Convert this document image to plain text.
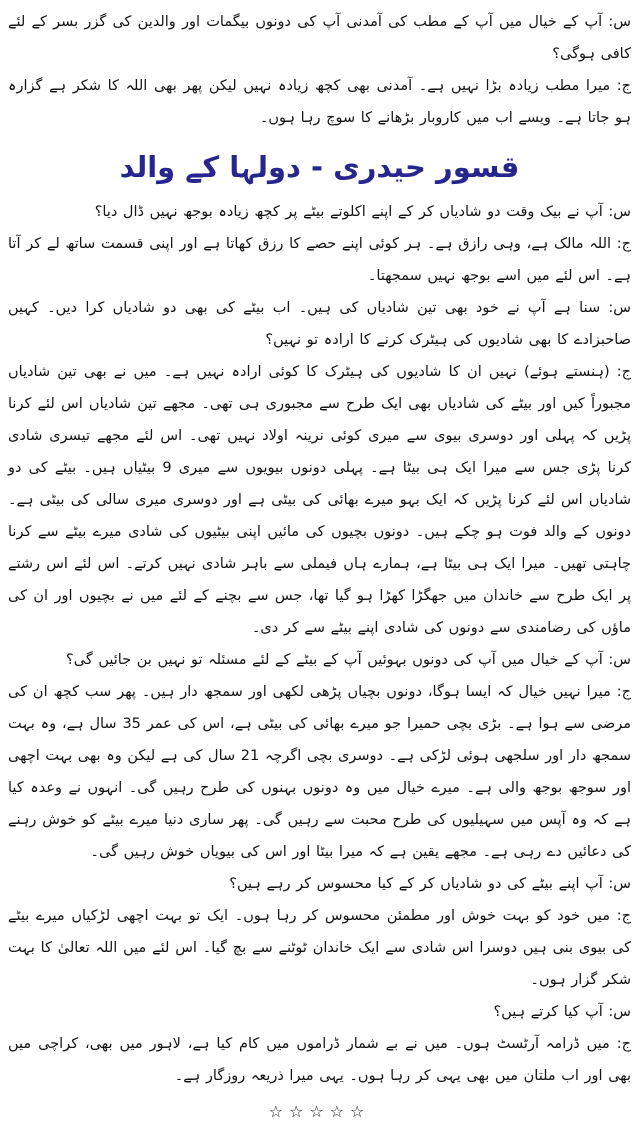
س: آپ کے خیال میں آپ کے مطب کی آمدنی آپ کی دونوں بیگمات اور والدین کی گزر بسر کے لئے کافی ہوگی؟

ج: میرا مطب زیادہ بڑا نہیں ہے۔ آمدنی بھی کچھ زیادہ نہیں لیکن پھر بھی اللہ کا شکر ہے گزارہ ہو جاتا ہے۔ ویسے اب میں کاروبار بڑھانے کا سوچ رہا ہوں۔

قسور حیدری - دولہا کے والد

س: آپ نے بیک وقت دو شادیاں کر کے اپنے اکلوتے بیٹے پر کچھ زیادہ بوجھ نہیں ڈال دیا؟

ج: اللہ مالک ہے، وہی رازق ہے۔ ہر کوئی اپنے حصے کا رزق کھاتا ہے اور اپنی قسمت ساتھ لے کر آتا ہے۔ اس لئے میں اسے بوجھ نہیں سمجھتا۔

س: سنا ہے آپ نے خود بھی تین شادیاں کی ہیں۔ اب بیٹے کی بھی دو شادیاں کرا دیں۔ کہیں صاحبزادے کا بھی شادیوں کی ہیٹرک کرنے کا ارادہ تو نہیں؟

ج: (ہنستے ہوئے) نہیں ان کا شادیوں کی ہیٹرک کا کوئی ارادہ نہیں ہے۔ میں نے بھی تین شادیاں مجبوراً کیں اور بیٹے کی شادیاں بھی ایک طرح سے مجبوری ہی تھی۔ مجھے تین شادیاں اس لئے کرنا پڑیں کہ پہلی اور دوسری بیوی سے میری کوئی نرینہ اولاد نہیں تھی۔ اس لئے مجھے تیسری شادی کرنا پڑی جس سے میرا ایک ہی بیٹا ہے۔ پہلی دونوں بیویوں سے میری 9 بیٹیاں ہیں۔ بیٹے کی دو شادیاں اس لئے کرنا پڑیں کہ ایک بہو میرے بھائی کی بیٹی ہے اور دوسری میری سالی کی بیٹی ہے۔ دونوں کے والد فوت ہو چکے ہیں۔ دونوں بچیوں کی مائیں اپنی بیٹیوں کی شادی میرے بیٹے سے کرنا چاہتی تھیں۔ میرا ایک ہی بیٹا ہے، ہمارے ہاں فیملی سے باہر شادی نہیں کرتے۔ اس لئے اس رشتے پر ایک طرح سے خاندان میں جھگڑا کھڑا ہو گیا تھا، جس سے بچنے کے لئے میں نے بچیوں اور ان کی ماؤں کی رضامندی سے دونوں کی شادی اپنے بیٹے سے کر دی۔

س: آپ کے خیال میں آپ کی دونوں بہوئیں آپ کے بیٹے کے لئے مسئلہ تو نہیں بن جائیں گی؟

ج: میرا نہیں خیال کہ ایسا ہوگا، دونوں بچیاں پڑھی لکھی اور سمجھ دار ہیں۔ پھر سب کچھ ان کی مرضی سے ہوا ہے۔ بڑی بچی حمیرا جو میرے بھائی کی بیٹی ہے، اس کی عمر 35 سال ہے، وہ بہت سمجھ دار اور سلجھی ہوئی لڑکی ہے۔ دوسری بچی اگرچہ 21 سال کی ہے لیکن وہ بھی بہت اچھی اور سوجھ بوجھ والی ہے۔ میرے خیال میں وہ دونوں بہنوں کی طرح رہیں گی۔ انہوں نے وعدہ کیا ہے کہ وہ آپس میں سہیلیوں کی طرح محبت سے رہیں گی۔ پھر ساری دنیا میرے بیٹے کو خوش رہنے کی دعائیں دے رہی ہے۔ مجھے یقین ہے کہ میرا بیٹا اور اس کی بیویاں خوش رہیں گی۔

س: آپ اپنے بیٹے کی دو شادیاں کر کے کیا محسوس کر رہے ہیں؟

ج: میں خود کو بہت خوش اور مطمئن محسوس کر رہا ہوں۔ ایک تو بہت اچھی لڑکیاں میرے بیٹے کی بیوی بنی ہیں دوسرا اس شادی سے ایک خاندان ٹوٹنے سے بچ گیا۔ اس لئے میں اللہ تعالیٰ کا بہت شکر گزار ہوں۔

س: آپ کیا کرتے ہیں؟

ج: میں ڈرامہ آرٹسٹ ہوں۔ میں نے بے شمار ڈراموں میں کام کیا ہے، لاہور میں بھی، کراچی میں بھی اور اب ملتان میں بھی یہی کر رہا ہوں۔ یہی میرا ذریعہ روزگار ہے۔

☆☆☆☆☆
